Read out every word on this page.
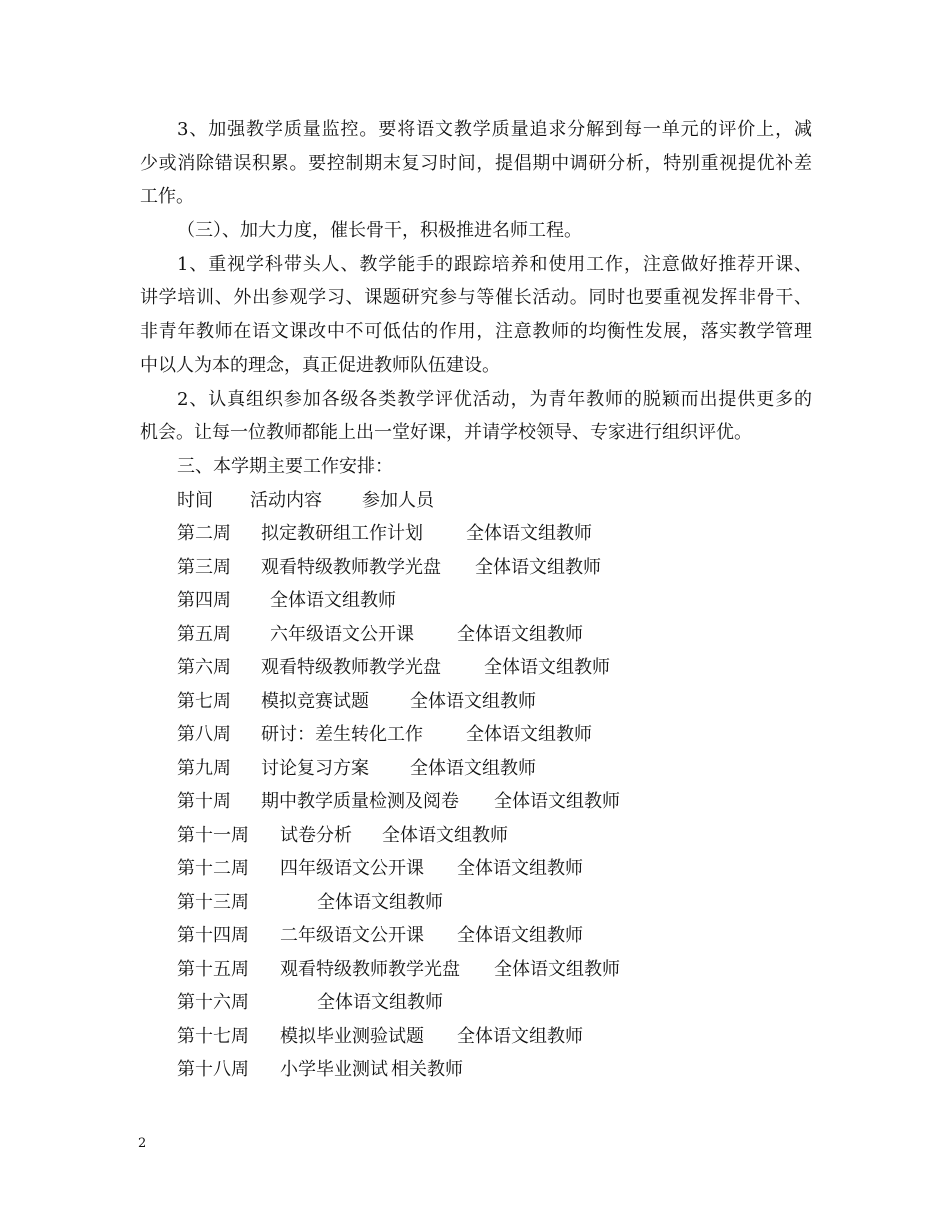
3、加强教学质量监控。要将语文教学质量追求分解到每一单元的评价上，减
少或消除错误积累。要控制期末复习时间，提倡期中调研分析，特别重视提优补差
工作。
（三）、加大力度，催长骨干，积极推进名师工程。
1、重视学科带头人、教学能手的跟踪培养和使用工作，注意做好推荐开课、
讲学培训、外出参观学习、课题研究参与等催长活动。同时也要重视发挥非骨干、
非青年教师在语文课改中不可低估的作用，注意教师的均衡性发展，落实教学管理
中以人为本的理念，真正促进教师队伍建设。
2、认真组织参加各级各类教学评优活动，为青年教师的脱颖而出提供更多的
机会。让每一位教师都能上出一堂好课，并请学校领导、专家进行组织评优。
三、本学期主要工作安排：

时间

活动内容

参加人员

第二周 拟定教研组工作计划 全体语文组教师
第三周 观看特级教师教学光盘 全体语文组教师
第四周 全体语文组教师
第五周 六年级语文公开课 全体语文组教师
第六周 观看特级教师教学光盘 全体语文组教师
第七周 模拟竞赛试题 全体语文组教师
第八周 研讨：差生转化工作 全体语文组教师
第九周 讨论复习方案 全体语文组教师
第十周 期中教学质量检测及阅卷 全体语文组教师
第十一周 试卷分析 全体语文组教师
第十二周 四年级语文公开课 全体语文组教师
第十三周	全体语文组教师
第十四周 二年级语文公开课 全体语文组教师
第十五周 观看特级教师教学光盘 全体语文组教师
第十六周	全体语文组教师
第十七周 模拟毕业测验试题 全体语文组教师
第十八周 小学毕业测试 相关教师
2
